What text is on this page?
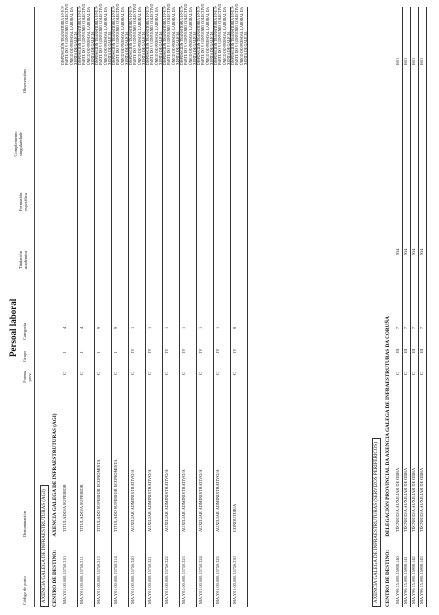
Persoal laboral
Código de posto
Denominación
Forma prov.
Grupo
Categoría
Titulación académica
Formación específica
Complemento singularidade
Observacións
AXENCIA GALEGA DE INFRAESTRUTURAS (AGI) CENTRO DE DESTINO: AXENCIA GALEGA DE INFRAESTRUTURAS (AGI)
MA.Y01.00.000.15750.310
TITULADO/A SUPERIOR
C
I
4
DISPOSICIÓN TRANSITORIA 10ª E 5ª PARTE DO V CONVENIO COLECTIVO ÚNICO DO PERSOAL LABORAL DA XUNTA DE GALICIA
MA.Y01.00.000.15750.311
TITULADO/A SUPERIOR
C
I
4
DISPOSICIÓN TRANSITORIA 10ª E 5ª PARTE DO V CONVENIO COLECTIVO ÚNICO DO PERSOAL LABORAL DA XUNTA DE GALICIA
MA.Y01.00.000.15750.313
TITULADO SUPERIOR ECONOMISTA
C
I
9
DISPOSICIÓN TRANSITORIA 10ª E 5ª PARTE DO V CONVENIO COLECTIVO ÚNICO DO PERSOAL LABORAL DA XUNTA DE GALICIA
MA.Y01.00.000.15750.314
TITULADO SUPERIOR ECONOMISTA
C
I
9
DISPOSICIÓN TRANSITORIA 10ª E 5ª PARTE DO V CONVENIO COLECTIVO ÚNICO DO PERSOAL LABORAL DA XUNTA DE GALICIA
MA.Y01.00.000.15750.320
AUXILIAR ADMINISTRATIVO/A
C
IV
1
DISPOSICIÓN TRANSITORIA 10ª E 5ª PARTE DO V CONVENIO COLECTIVO ÚNICO DO PERSOAL LABORAL DA XUNTA DE GALICIA
MA.Y01.00.000.15750.321
AUXILIAR ADMINISTRATIVO/A
C
IV
1
DISPOSICIÓN TRANSITORIA 10ª E 5ª PARTE DO V CONVENIO COLECTIVO ÚNICO DO PERSOAL LABORAL DA XUNTA DE GALICIA
MA.Y01.00.000.15750.322
AUXILIAR ADMINISTRATIVO/A
C
IV
1
DISPOSICIÓN TRANSITORIA 10ª E 5ª PARTE DO V CONVENIO COLECTIVO ÚNICO DO PERSOAL LABORAL DA XUNTA DE GALICIA
MA.Y01.00.000.15750.323
AUXILIAR ADMINISTRATIVO/A
C
IV
1
DISPOSICIÓN TRANSITORIA 10ª E 5ª PARTE DO V CONVENIO COLECTIVO ÚNICO DO PERSOAL LABORAL DA XUNTA DE GALICIA
MA.Y01.00.000.15750.324
AUXILIAR ADMINISTRATIVO/A
C
IV
1
DISPOSICIÓN TRANSITORIA 10ª E 5ª PARTE DO V CONVENIO COLECTIVO ÚNICO DO PERSOAL LABORAL DA XUNTA DE GALICIA
MA.Y01.00.000.15750.325
AUXILIAR ADMINISTRATIVO/A
C
IV
1
DISPOSICIÓN TRANSITORIA 10ª E 5ª PARTE DO V CONVENIO COLECTIVO ÚNICO DO PERSOAL LABORAL DA XUNTA DE GALICIA
MA.Y01.00.000.15750.330
CONDUTOR/A
C
IV
8
DISPOSICIÓN TRANSITORIA 10ª E 5ª PARTE DO V CONVENIO COLECTIVO ÚNICO DO PERSOAL LABORAL DA XUNTA DE GALICIA
AXENCIA GALEGA DE INFRAESTRUTURAS (SERVIZOS PERIFÉRICOS)	CENTRO DE DESTINO: DELEGACIÓN PROVINCIAL DA AXENCIA GALEGA DE INFRAESTRUTURAS DA CORUÑA
MA.Y99.15.000.15808.140
TÉCNICO/A AUXILIAR DE OBRA
C
III
7
954
B01
MA.Y99.15.000.15808.141
TÉCNICO/A AUXILIAR DE OBRA
C
III
7
954
B01
MA.Y99.15.000.15808.142
TÉCNICO/A AUXILIAR DE OBRA
C
III
7
954
B01
MA.Y99.15.000.15808.143
TÉCNICO/A AUXILIAR DE OBRA
C
III
7
954
B01
